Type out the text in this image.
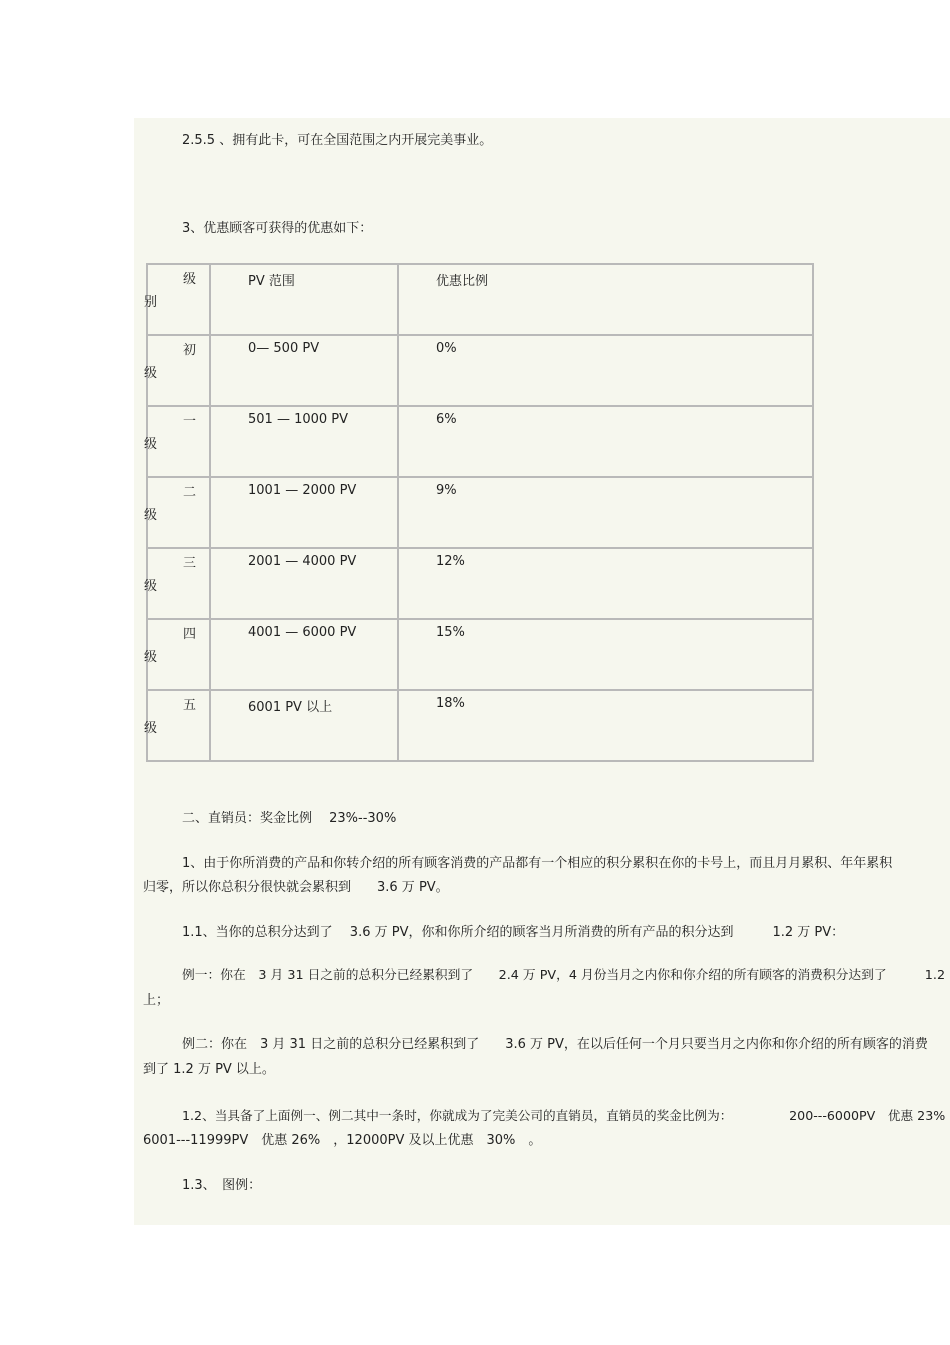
2.5.5 、拥有此卡，可在全国范围之内开展完美事业。
3、优惠顾客可获得的优惠如下：
级
别	PV 范围	优惠比例

初
级	0— 500 PV	0%

一
级	501 — 1000 PV	6%

二
级	1001 — 2000 PV	9%

三
级	2001 — 4000 PV	12%

四
级	4001 — 6000 PV	15%

五
级	6001 PV 以上	18%
二、直销员：奖金比例　 23%--30%
1、由于你所消费的产品和你转介绍的所有顾客消费的产品都有一个相应的积分累积在你的卡号上，而且月月累积、年年累积
归零，所以你总积分很快就会累积到　　3.6 万 PV。
1.1、当你的总积分达到了　 3.6 万 PV，你和你所介绍的顾客当月所消费的所有产品的积分达到　　　1.2 万 PV：
例一：你在　3 月 31 日之前的总积分已经累积到了　　2.4 万 PV，4 月份当月之内你和你介绍的所有顾客的消费积分达到了　　　1.2
上；
例二：你在　3 月 31 日之前的总积分已经累积到了　　3.6 万 PV，在以后任何一个月只要当月之内你和你介绍的所有顾客的消费
到了 1.2 万 PV 以上。
1.2、当具备了上面例一、例二其中一条时，你就成为了完美公司的直销员，直销员的奖金比例为：　　　　　200---6000PV　优惠 23%
6001---11999PV　优惠 26%　，12000PV 及以上优惠　30%　。
1.3、　图例：
